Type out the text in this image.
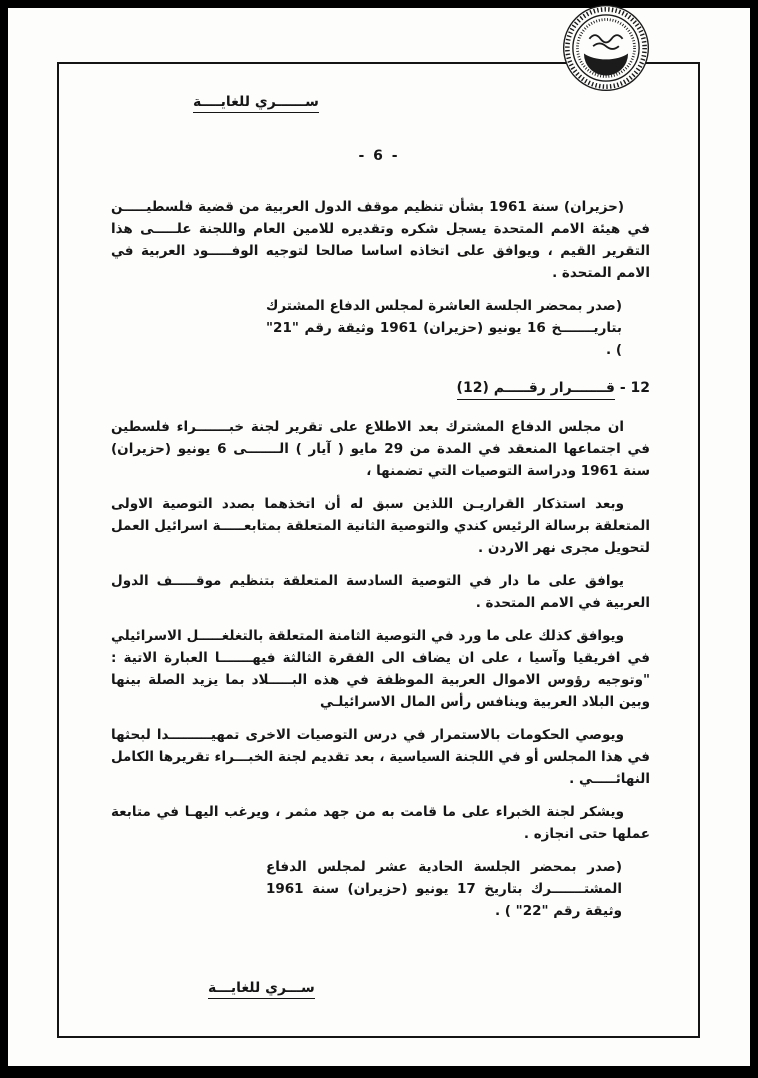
ســــــري للغايــــة
- 6 -

(حزيران) سنة 1961 بشأن تنظيم موقف الدول العربية من قضية فلسطيـــــن في هيئة الامم المتحدة يسجل شكره وتقديره للامين العام واللجنة علـــــى هذا التقرير القيم ، ويوافق على اتخاذه اساسا صالحا لتوجيه الوفـــــود العربية في الامم المتحدة .

(صدر بمحضر الجلسة العاشرة لمجلس الدفاع المشترك بتاريـــــــخ 16 يونيو (حزيران) 1961 وثيقة رقم "21" ) .

12 - قـــــــرار رقـــــم (12)

ان مجلس الدفاع المشترك بعد الاطلاع على تقرير لجنة خبـــــــراء فلسطين في اجتماعها المنعقد في المدة من 29 مايو ( آيار ) الـــــــى 6 يونيو (حزيران) سنة 1961 ودراسة التوصيات التي تضمنها ،

وبعد استذكار القراريـن اللذين سبق له أن اتخذهما بصدد التوصية الاولى المتعلقة برسالة الرئيس كندي والتوصية الثانية المتعلقة بمتابعـــــة اسرائيل العمل لتحويل مجرى نهر الاردن .

يوافق على ما دار في التوصية السادسة المتعلقة بتنظيم موقـــــف الدول العربية في الامم المتحدة .

ويوافق كذلك على ما ورد في التوصية الثامنة المتعلقة بالتغلغـــــل الاسرائيلي في افريقيا وآسيا ، على ان يضاف الى الفقرة الثالثة فيهـــــــا العبارة الاتية : "وتوجيه رؤوس الاموال العربية الموظفة في هذه البـــــلاد بما يزيد الصلة بينها وبين البلاد العربية وينافس رأس المال الاسرائيلـي

ويوصي الحكومات بالاستمرار في درس التوصيات الاخرى تمهيـــــــــدا لبحثها في هذا المجلس أو في اللجنة السياسية ، بعد تقديم لجنة الخبـــراء تقريرها الكامل النهائـــــي .

ويشكر لجنة الخبراء على ما قامت به من جهد مثمر ، ويرغب اليهـا في متابعة عملها حتى انجازه .

(صدر بمحضر الجلسة الحادية عشر لمجلس الدفاع المشتـــــــرك بتاريخ 17 يونيو (حزيران) سنة 1961 وثيقة رقم "22" ) .

ســـري للغايـــة
